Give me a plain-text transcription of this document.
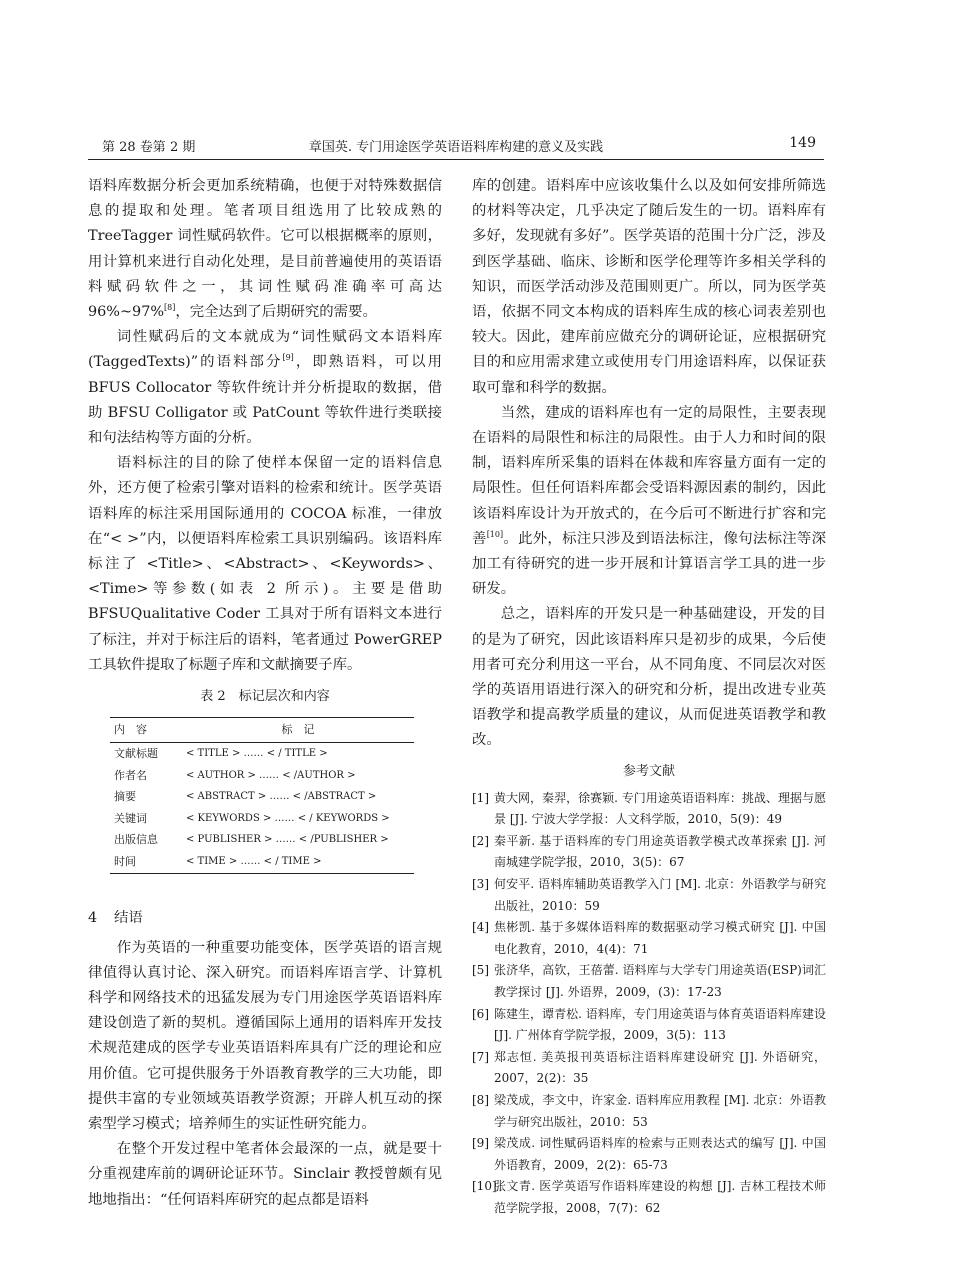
第 28 卷第 2 期	章国英. 专门用途医学英语语料库构建的意义及实践	149

语料库数据分析会更加系统精确，也便于对特殊数据信息的提取和处理。笔者项目组选用了比较成熟的 TreeTagger 词性赋码软件。它可以根据概率的原则，用计算机来进行自动化处理，是目前普遍使用的英语语料赋码软件之一，其词性赋码准确率可高达 96%~97%[8]，完全达到了后期研究的需要。

词性赋码后的文本就成为“词性赋码文本语料库(TaggedTexts)”的语料部分[9]，即熟语料，可以用 BFUS Collocator 等软件统计并分析提取的数据，借助 BFSU Colligator 或 PatCount 等软件进行类联接和句法结构等方面的分析。

语料标注的目的除了使样本保留一定的语料信息外，还方便了检索引擎对语料的检索和统计。医学英语语料库的标注采用国际通用的 COCOA 标准，一律放在“< >”内，以便语料库检索工具识别编码。该语料库标注了 <Title>、<Abstract>、<Keywords>、<Time>等参数(如表 2 所示)。主要是借助 BFSUQualitative Coder 工具对于所有语料文本进行了标注，并对于标注后的语料，笔者通过 PowerGREP 工具软件提取了标题子库和文献摘要子库。

表 2　标记层次和内容
内　容	标　记
文献标题	< TITLE > …… < / TITLE >
作者名	< AUTHOR > …… < /AUTHOR >
摘要	< ABSTRACT > …… < /ABSTRACT >
关键词	< KEYWORDS > …… < / KEYWORDS >
出版信息	< PUBLISHER > …… < /PUBLISHER >
时间	< TIME > …… < / TIME >
4 结语

作为英语的一种重要功能变体，医学英语的语言规律值得认真讨论、深入研究。而语料库语言学、计算机科学和网络技术的迅猛发展为专门用途医学英语语料库建设创造了新的契机。遵循国际上通用的语料库开发技术规范建成的医学专业英语语料库具有广泛的理论和应用价值。它可提供服务于外语教育教学的三大功能，即提供丰富的专业领域英语教学资源；开辟人机互动的探索型学习模式；培养师生的实证性研究能力。

在整个开发过程中笔者体会最深的一点，就是要十分重视建库前的调研论证环节。Sinclair 教授曾颇有见地地指出：“任何语料库研究的起点都是语料

库的创建。语料库中应该收集什么以及如何安排所筛选的材料等决定，几乎决定了随后发生的一切。语料库有多好，发现就有多好”。医学英语的范围十分广泛，涉及到医学基础、临床、诊断和医学伦理等许多相关学科的知识，而医学活动涉及范围则更广。所以，同为医学英语，依据不同文本构成的语料库生成的核心词表差别也较大。因此，建库前应做充分的调研论证，应根据研究目的和应用需求建立或使用专门用途语料库，以保证获取可靠和科学的数据。

当然，建成的语料库也有一定的局限性，主要表现在语料的局限性和标注的局限性。由于人力和时间的限制，语料库所采集的语料在体裁和库容量方面有一定的局限性。但任何语料库都会受语料源因素的制约，因此该语料库设计为开放式的，在今后可不断进行扩容和完善[10]。此外，标注只涉及到语法标注，像句法标注等深加工有待研究的进一步开展和计算语言学工具的进一步研发。

总之，语料库的开发只是一种基础建设，开发的目的是为了研究，因此该语料库只是初步的成果，今后使用者可充分利用这一平台，从不同角度、不同层次对医学的英语用语进行深入的研究和分析，提出改进专业英语教学和提高教学质量的建议，从而促进英语教学和教改。

参考文献
[1] 黄大网，秦羿，徐赛颖. 专门用途英语语料库：挑战、理据与愿景 [J]. 宁波大学学报：人文科学版，2010，5(9)：49
[2] 秦平新. 基于语料库的专门用途英语教学模式改革探索 [J]. 河南城建学院学报，2010，3(5)：67
[3] 何安平. 语料库辅助英语教学入门 [M]. 北京：外语教学与研究出版社，2010：59
[4] 焦彬凯. 基于多媒体语料库的数据驱动学习模式研究 [J]. 中国电化教育，2010，4(4)：71
[5] 张济华，高钦，王蓓蕾. 语料库与大学专门用途英语(ESP)词汇教学探讨 [J]. 外语界，2009，(3)：17-23
[6] 陈建生，谭青松. 语料库，专门用途英语与体育英语语料库建设 [J]. 广州体育学院学报，2009，3(5)：113
[7] 郑志恒. 美英报刊英语标注语料库建设研究 [J]. 外语研究，2007，2(2)：35
[8] 梁茂成，李文中，许家金. 语料库应用教程 [M]. 北京：外语教学与研究出版社，2010：53
[9] 梁茂成. 词性赋码语料库的检索与正则表达式的编写 [J]. 中国外语教育，2009，2(2)：65-73
[10]
张文青. 医学英语写作语料库建设的构想 [J]. 吉林工程技术师范学院学报，2008，7(7)：62
